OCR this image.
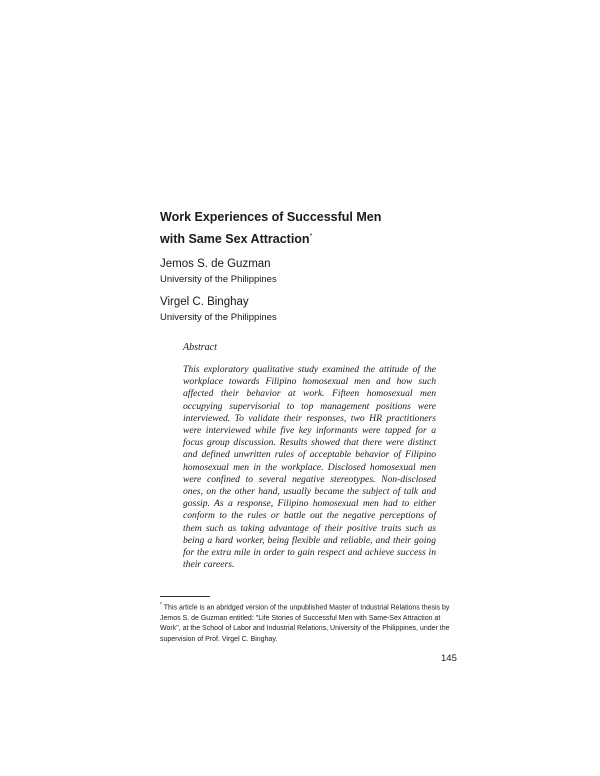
Work Experiences of Successful Men
with Same Sex Attraction*
Jemos S. de Guzman
University of the Philippines
Virgel C. Binghay
University of the Philippines
Abstract

This exploratory qualitative study examined the attitude of the workplace towards Filipino homosexual men and how such affected their behavior at work. Fifteen homosexual men occupying supervisorial to top management positions were interviewed. To validate their responses, two HR practitioners were interviewed while five key informants were tapped for a focus group discussion. Results showed that there were distinct and defined unwritten rules of acceptable behavior of Filipino homosexual men in the workplace. Disclosed homosexual men were confined to several negative stereotypes. Non-disclosed ones, on the other hand, usually became the subject of talk and gossip. As a response, Filipino homosexual men had to either conform to the rules or battle out the negative perceptions of them such as taking advantage of their positive traits such as being a hard worker, being flexible and reliable, and their going for the extra mile in order to gain respect and achieve success in their careers.

* This article is an abridged version of the unpublished Master of Industrial Relations thesis by Jemos S. de Guzman entitled: "Life Stories of Successful Men with Same-Sex Attraction at Work", at the School of Labor and Industrial Relations, University of the Philippines, under the supervision of Prof. Virgel C. Binghay.

145
